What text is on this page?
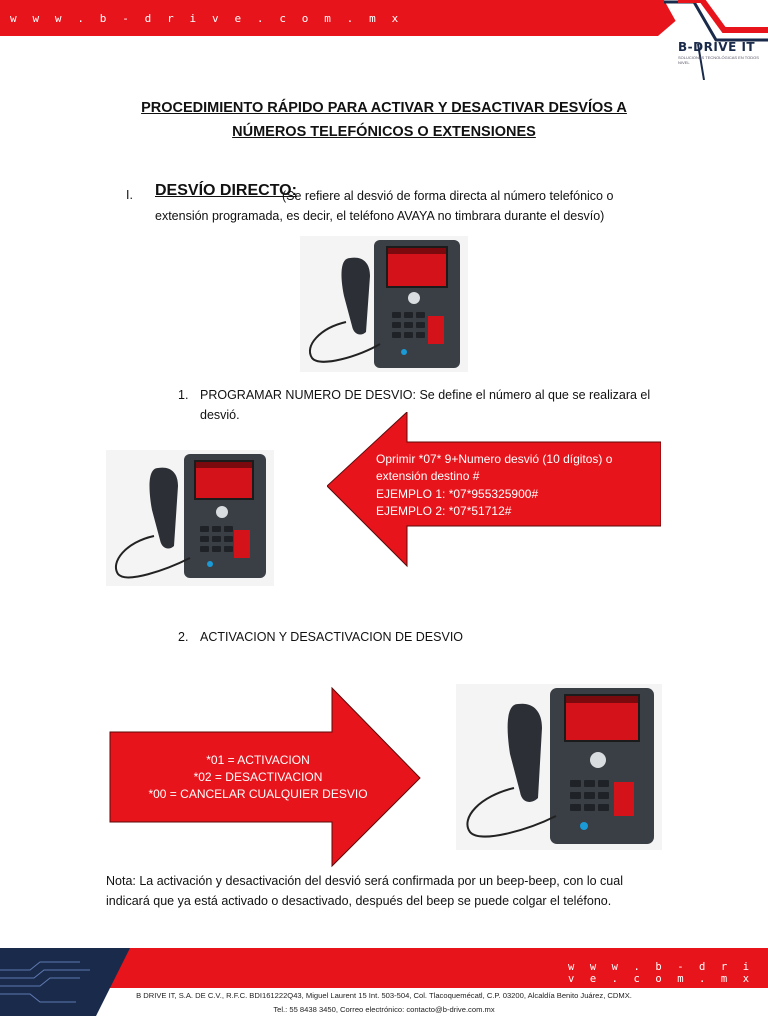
w w w . b - d r i v e . c o m . m x
B-DRIVE IT
SOLUCIONES TECNOLÓGICAS EN TODOS NIVEL
PROCEDIMIENTO RÁPIDO PARA ACTIVAR Y DESACTIVAR DESVÍOS A
NÚMEROS TELEFÓNICOS O EXTENSIONES
I. DESVÍO DIRECTO:
(Se refiere al desvió de forma directa al número telefónico o
extensión programada, es decir, el teléfono AVAYA no timbrara durante el desvío)
1. PROGRAMAR NUMERO DE DESVIO: Se define el número al que se realizara el
desvió.
Oprimir *07* 9+Numero desvió (10 dígitos) o
extensión destino #
EJEMPLO 1: *07*955325900#
EJEMPLO 2: *07*51712#
2. ACTIVACION Y DESACTIVACION DE DESVIO
*01 = ACTIVACION
*02 = DESACTIVACION
*00 = CANCELAR CUALQUIER DESVIO
Nota: La activación y desactivación del desvió será confirmada por un beep-beep, con lo cual
indicará que ya está activado o desactivado, después del beep se puede colgar el teléfono.
w w w . b - d r i v e . c o m . m x
B DRIVE IT, S.A. DE C.V., R.F.C. BDI161222Q43, Miguel Laurent 15 Int. 503-504, Col. Tlacoquemécatl, C.P. 03200, Alcaldía Benito Juárez, CDMX.
Tel.: 55 8438 3450, Correo electrónico: contacto@b-drive.com.mx
